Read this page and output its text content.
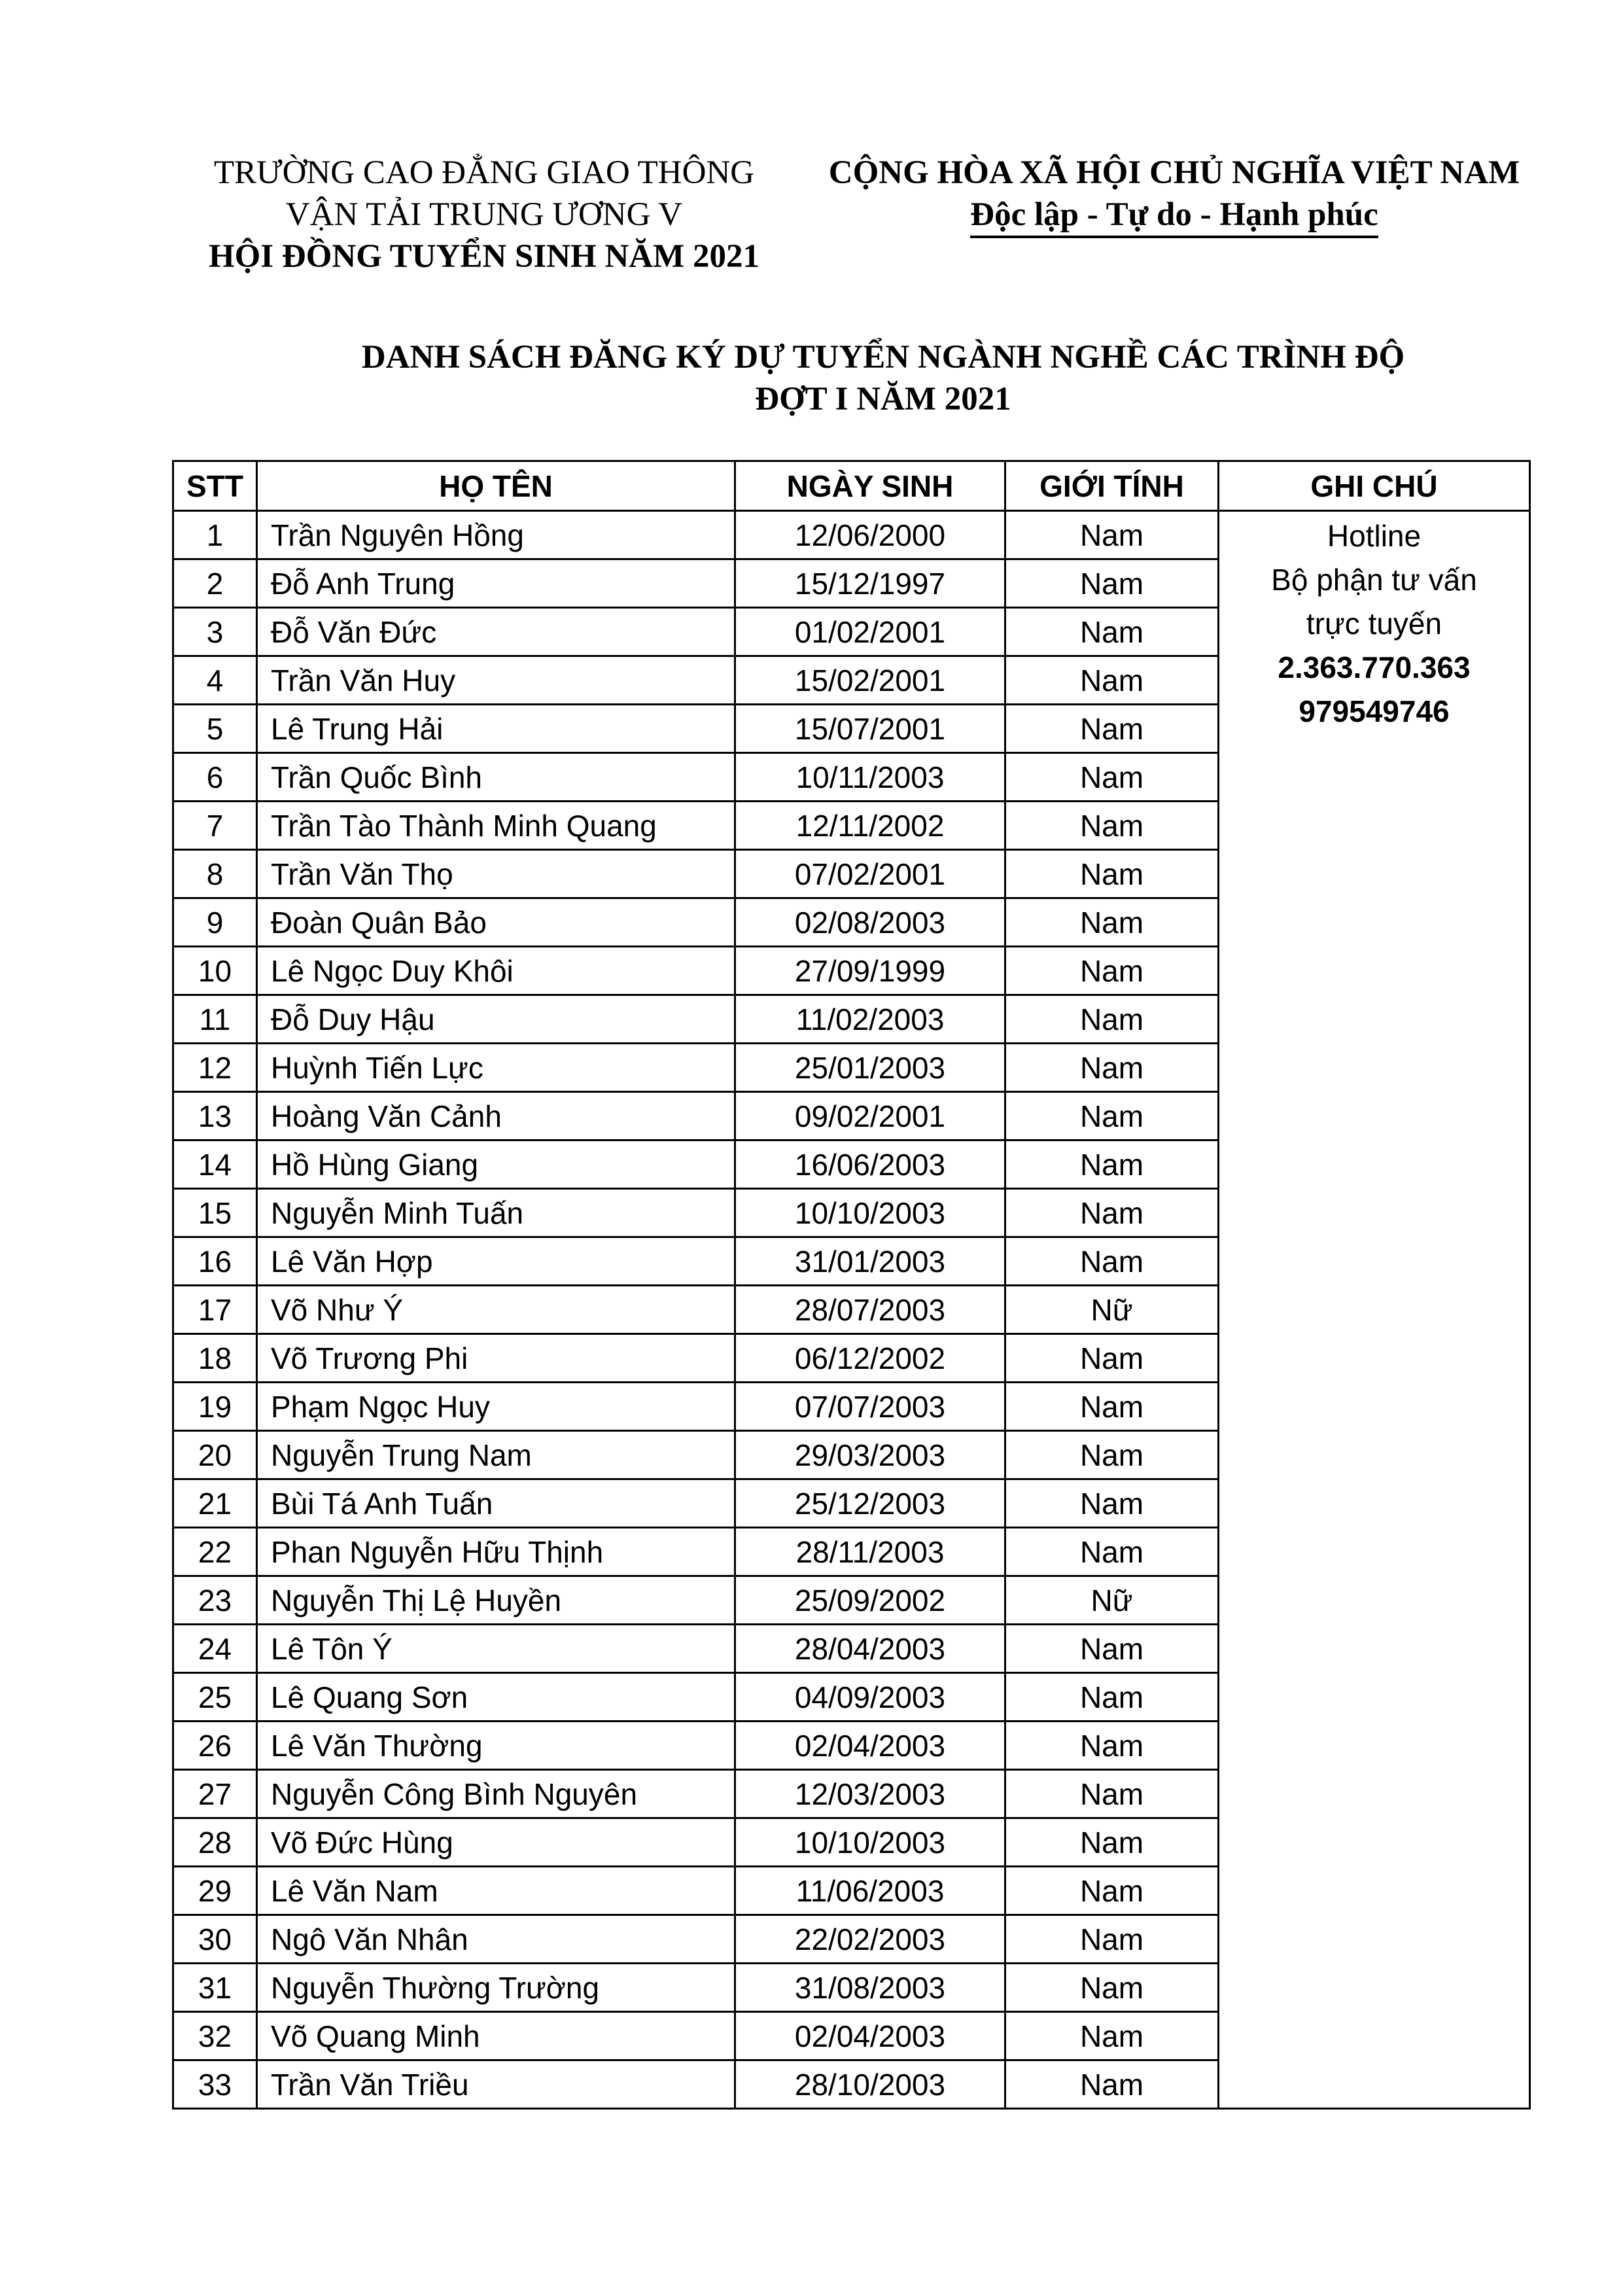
TRƯỜNG CAO ĐẲNG GIAO THÔNG
VẬN TẢI TRUNG ƯƠNG V
HỘI ĐỒNG TUYỂN SINH NĂM 2021
CỘNG HÒA XÃ HỘI CHỦ NGHĨA VIỆT NAM
Độc lập - Tự do - Hạnh phúc
DANH SÁCH ĐĂNG KÝ DỰ TUYỂN NGÀNH NGHỀ CÁC TRÌNH ĐỘ
ĐỢT I NĂM 2021
STT	HỌ TÊN	NGÀY SINH	GIỚI TÍNH	GHI CHÚ
1	Trần Nguyên Hồng	12/06/2000	Nam	Hotline
Bộ phận tư vấn
trực tuyến
2.363.770.363
979549746

2	Đỗ Anh Trung	15/12/1997	Nam	
3	Đỗ Văn Đức	01/02/2001	Nam	
4	Trần Văn Huy	15/02/2001	Nam	
5	Lê Trung Hải	15/07/2001	Nam	
6	Trần Quốc Bình	10/11/2003	Nam	
7	Trần Tào Thành Minh Quang	12/11/2002	Nam	
8	Trần Văn Thọ	07/02/2001	Nam	
9	Đoàn Quân Bảo	02/08/2003	Nam	
10	Lê Ngọc Duy Khôi	27/09/1999	Nam	
11	Đỗ Duy Hậu	11/02/2003	Nam	
12	Huỳnh Tiến Lực	25/01/2003	Nam	
13	Hoàng Văn Cảnh	09/02/2001	Nam	
14	Hồ Hùng Giang	16/06/2003	Nam	
15	Nguyễn Minh Tuấn	10/10/2003	Nam	
16	Lê Văn Hợp	31/01/2003	Nam	
17	Võ Như Ý	28/07/2003	Nữ	
18	Võ Trương Phi	06/12/2002	Nam	
19	Phạm Ngọc Huy	07/07/2003	Nam	
20	Nguyễn Trung Nam	29/03/2003	Nam	
21	Bùi Tá Anh Tuấn	25/12/2003	Nam	
22	Phan Nguyễn Hữu Thịnh	28/11/2003	Nam	
23	Nguyễn Thị Lệ Huyền	25/09/2002	Nữ	
24	Lê Tôn Ý	28/04/2003	Nam	
25	Lê Quang Sơn	04/09/2003	Nam	
26	Lê Văn Thường	02/04/2003	Nam	
27	Nguyễn Công Bình Nguyên	12/03/2003	Nam	
28	Võ Đức Hùng	10/10/2003	Nam	
29	Lê Văn Nam	11/06/2003	Nam	
30	Ngô Văn Nhân	22/02/2003	Nam	
31	Nguyễn Thường Trường	31/08/2003	Nam	
32	Võ Quang Minh	02/04/2003	Nam	
33	Trần Văn Triều	28/10/2003	Nam	
